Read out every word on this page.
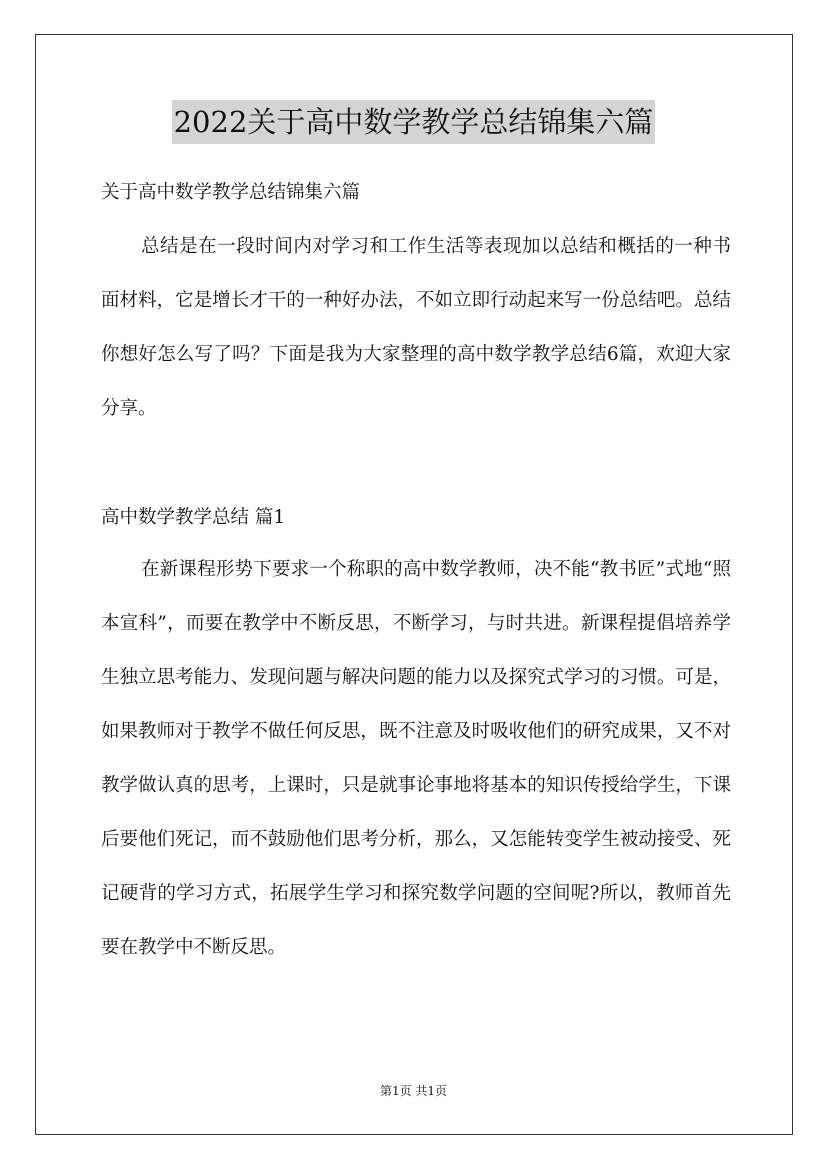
2022关于高中数学教学总结锦集六篇
关于高中数学教学总结锦集六篇
总结是在一段时间内对学习和工作生活等表现加以总结和概括的一种书面材料，它是增长才干的一种好办法，不如立即行动起来写一份总结吧。总结你想好怎么写了吗？下面是我为大家整理的高中数学教学总结6篇，欢迎大家分享。
高中数学教学总结 篇1
在新课程形势下要求一个称职的高中数学教师，决不能“教书匠”式地“照本宣科”，而要在教学中不断反思，不断学习，与时共进。新课程提倡培养学生独立思考能力、发现问题与解决问题的能力以及探究式学习的习惯。可是，如果教师对于教学不做任何反思，既不注意及时吸收他们的研究成果，又不对教学做认真的思考，上课时，只是就事论事地将基本的知识传授给学生，下课后要他们死记，而不鼓励他们思考分析，那么，又怎能转变学生被动接受、死记硬背的学习方式，拓展学生学习和探究数学问题的空间呢?所以，教师首先要在教学中不断反思。
第1页 共1页
